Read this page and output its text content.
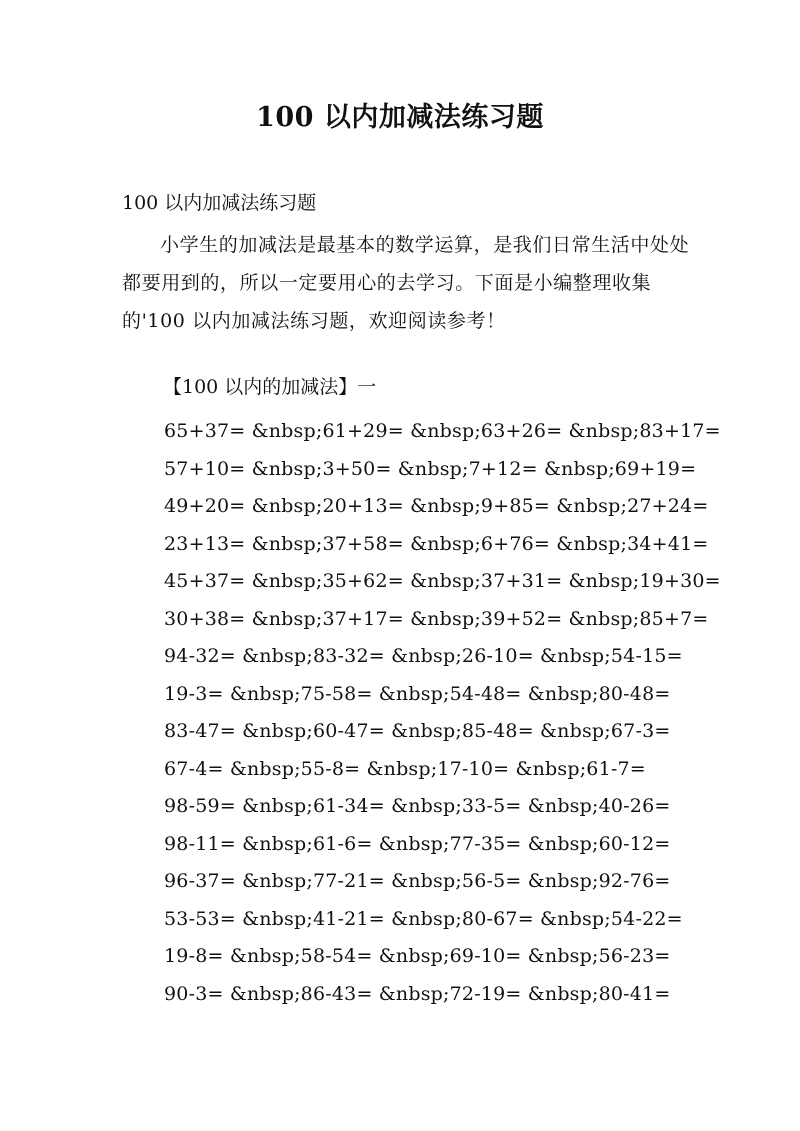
100 以内加减法练习题
100 以内加减法练习题

小学生的加减法是最基本的数学运算，是我们日常生活中处处都要用到的，所以一定要用心的去学习。下面是小编整理收集的'100 以内加减法练习题，欢迎阅读参考！

【100 以内的加减法】一
65+37= &nbsp;61+29= &nbsp;63+26= &nbsp;83+17=
57+10= &nbsp;3+50= &nbsp;7+12= &nbsp;69+19=
49+20= &nbsp;20+13= &nbsp;9+85= &nbsp;27+24=
23+13= &nbsp;37+58= &nbsp;6+76= &nbsp;34+41=
45+37= &nbsp;35+62= &nbsp;37+31= &nbsp;19+30=
30+38= &nbsp;37+17= &nbsp;39+52= &nbsp;85+7=
94-32= &nbsp;83-32= &nbsp;26-10= &nbsp;54-15=
19-3= &nbsp;75-58= &nbsp;54-48= &nbsp;80-48=
83-47= &nbsp;60-47= &nbsp;85-48= &nbsp;67-3=
67-4= &nbsp;55-8= &nbsp;17-10= &nbsp;61-7=
98-59= &nbsp;61-34= &nbsp;33-5= &nbsp;40-26=
98-11= &nbsp;61-6= &nbsp;77-35= &nbsp;60-12=
96-37= &nbsp;77-21= &nbsp;56-5= &nbsp;92-76=
53-53= &nbsp;41-21= &nbsp;80-67= &nbsp;54-22=
19-8= &nbsp;58-54= &nbsp;69-10= &nbsp;56-23=
90-3= &nbsp;86-43= &nbsp;72-19= &nbsp;80-41=
